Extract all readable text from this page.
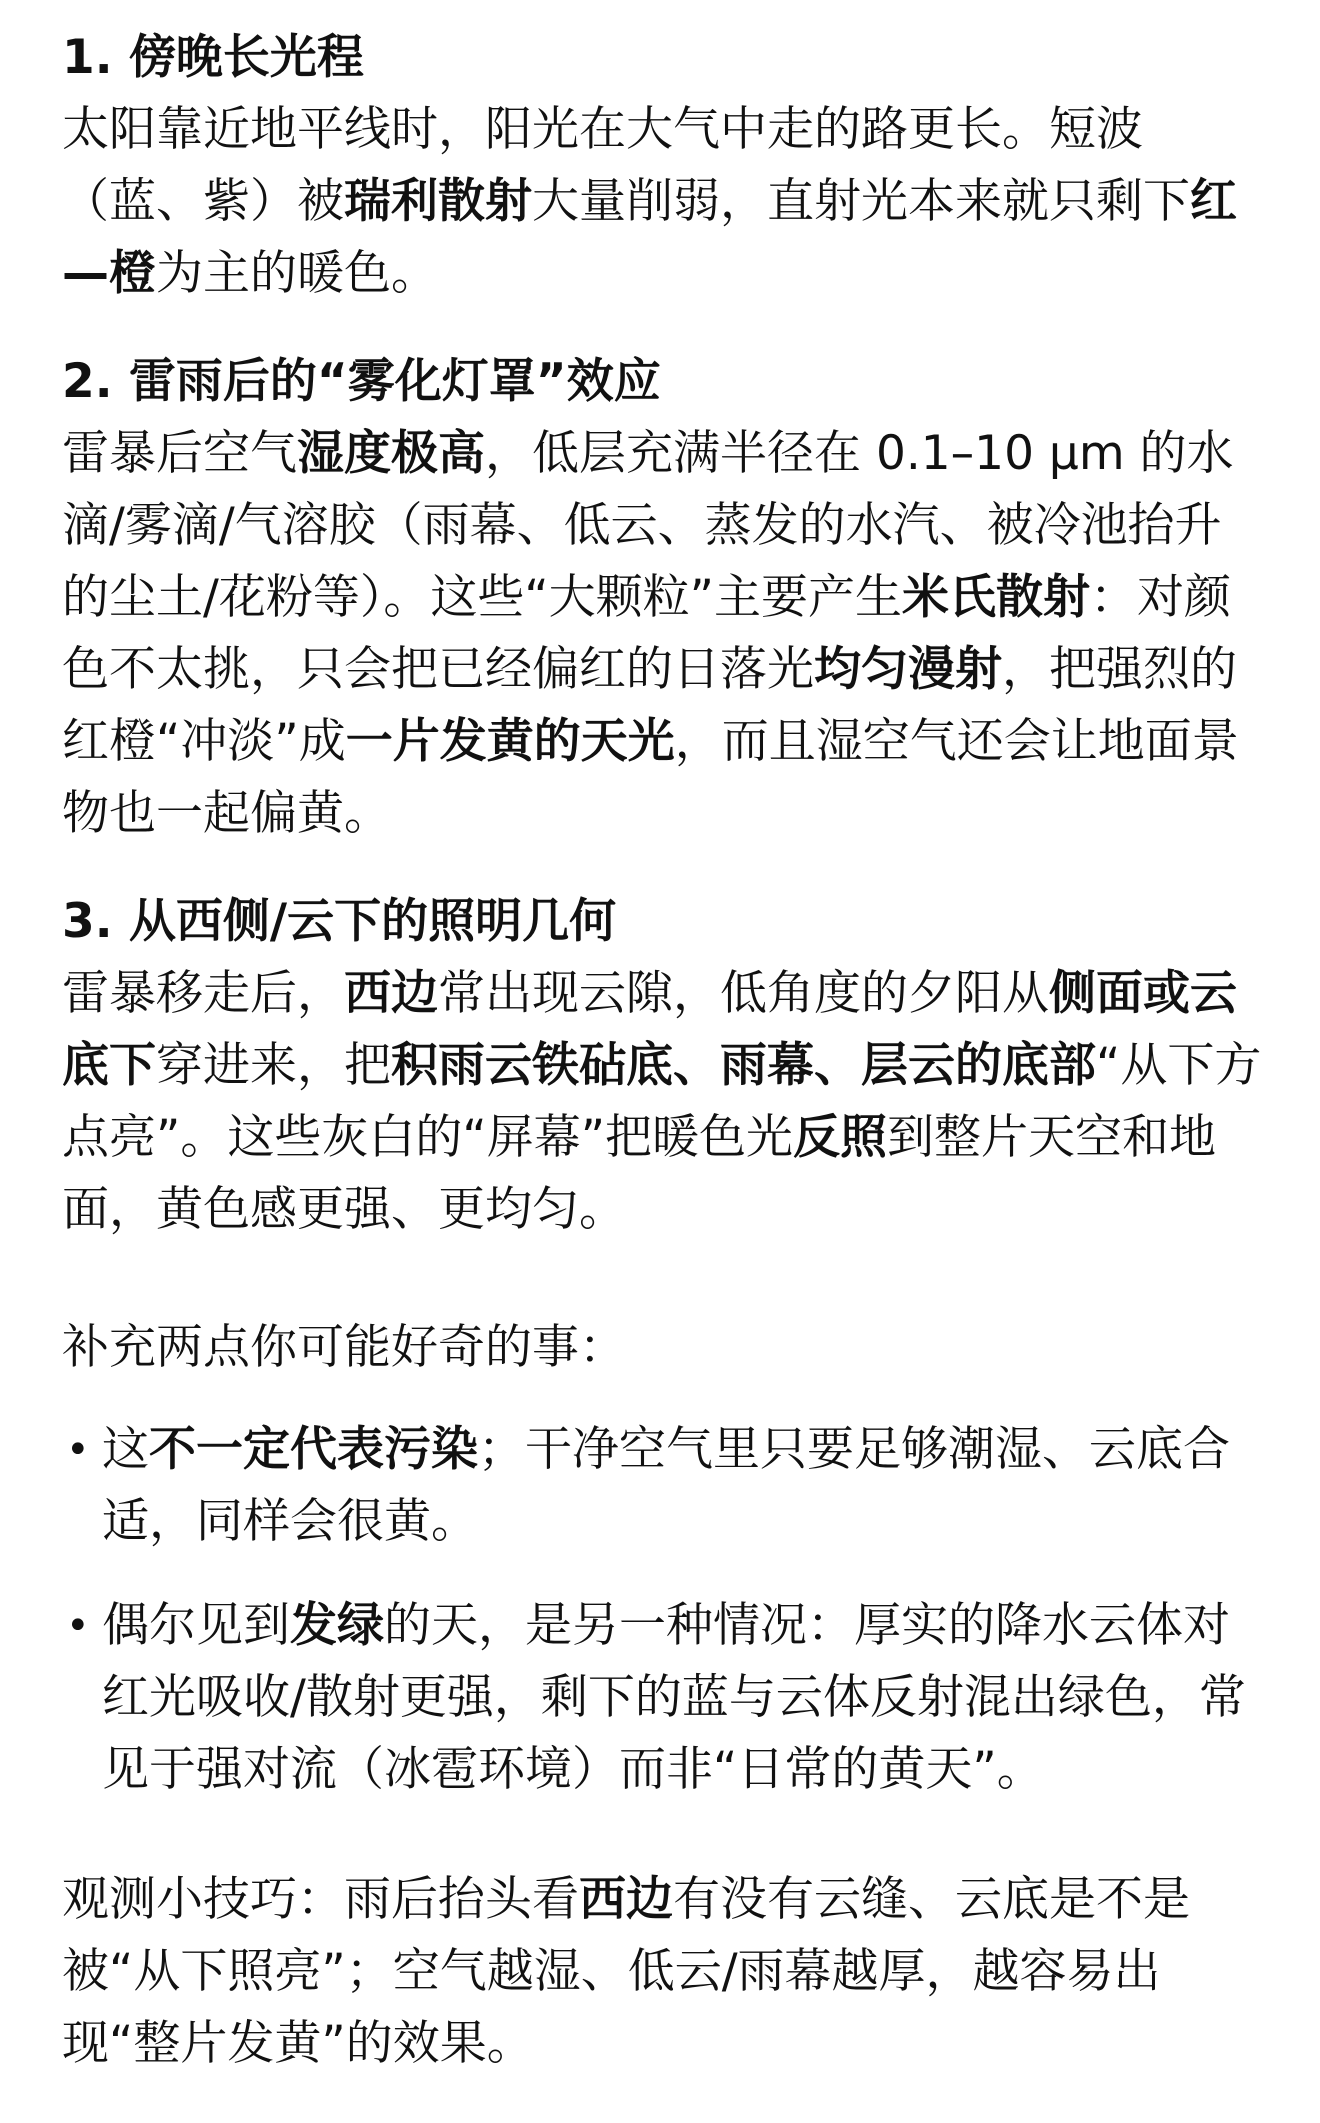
1. 傍晚长光程

太阳靠近地平线时，阳光在大气中走的路更长。短波（蓝、紫）被瑞利散射大量削弱，直射光本来就只剩下红—橙为主的暖色。

2. 雷雨后的“雾化灯罩”效应

雷暴后空气湿度极高，低层充满半径在 0.1–10 μm 的水滴/雾滴/气溶胶（雨幕、低云、蒸发的水汽、被冷池抬升的尘土/花粉等）。这些“大颗粒”主要产生米氏散射：对颜色不太挑，只会把已经偏红的日落光均匀漫射，把强烈的红橙“冲淡”成一片发黄的天光，而且湿空气还会让地面景物也一起偏黄。

3. 从西侧/云下的照明几何

雷暴移走后，西边常出现云隙，低角度的夕阳从侧面或云底下穿进来，把积雨云铁砧底、雨幕、层云的底部“从下方点亮”。这些灰白的“屏幕”把暖色光反照到整片天空和地面，黄色感更强、更均匀。

补充两点你可能好奇的事：

• 这不一定代表污染；干净空气里只要足够潮湿、云底合适，同样会很黄。
• 偶尔见到发绿的天，是另一种情况：厚实的降水云体对红光吸收/散射更强，剩下的蓝与云体反射混出绿色，常见于强对流（冰雹环境）而非“日常的黄天”。

观测小技巧：雨后抬头看西边有没有云缝、云底是不是被“从下照亮”；空气越湿、低云/雨幕越厚，越容易出现“整片发黄”的效果。
